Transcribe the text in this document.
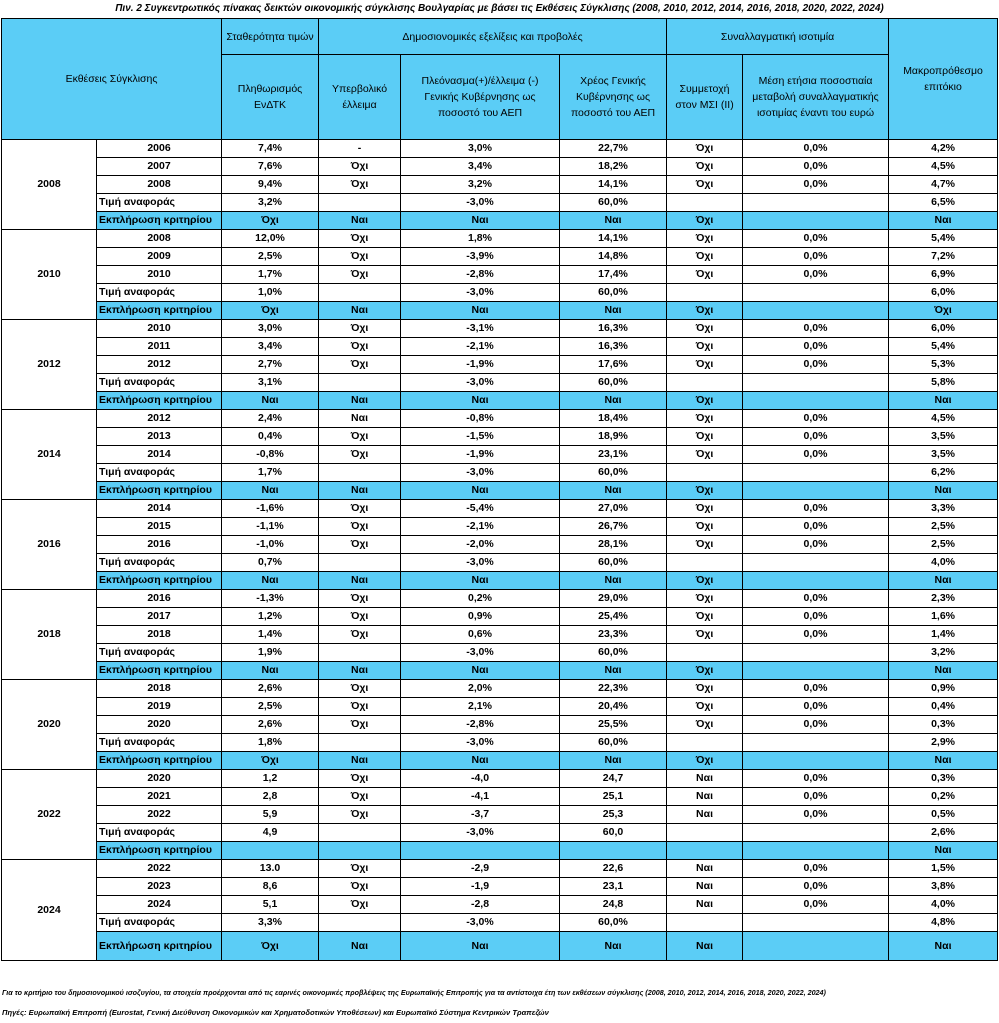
Πιν. 2 Συγκεντρωτικός πίνακας δεικτών οικονομικής σύγκλισης Βουλγαρίας με βάσει τις Εκθέσεις Σύγκλισης (2008, 2010, 2012, 2014, 2016, 2018, 2020, 2022, 2024)
Εκθέσεις Σύγκλισης		Σταθερότητα τιμών	Δημοσιονομικές εξελίξεις και προβολές			Συναλλαγματική ισοτιμία		Μακροπρόθεσμο επιτόκιο
		Πληθωρισμός ΕνΔΤΚ	Υπερβολικό έλλειμα	Πλεόνασμα(+)/έλλειμα (-) Γενικής Κυβέρνησης ως ποσοστό του ΑΕΠ	Χρέος Γενικής Κυβέρνησης ως ποσοστό του ΑΕΠ	Συμμετοχή στον ΜΣΙ (ΙΙ)	Μέση ετήσια ποσοστιαία μεταβολή συναλλαγματικής ισοτιμίας έναντι του ευρώ	
2008	2006	7,4%	-	3,0%	22,7%	Όχι	0,0%	4,2%
	2007	7,6%	Όχι	3,4%	18,2%	Όχι	0,0%	4,5%
	2008	9,4%	Όχι	3,2%	14,1%	Όχι	0,0%	4,7%
	Τιμή αναφοράς	3,2%		-3,0%	60,0%			6,5%
	Εκπλήρωση κριτηρίου	Όχι	Ναι	Ναι	Ναι	Όχι		Ναι
2010	2008	12,0%	Όχι	1,8%	14,1%	Όχι	0,0%	5,4%
	2009	2,5%	Όχι	-3,9%	14,8%	Όχι	0,0%	7,2%
	2010	1,7%	Όχι	-2,8%	17,4%	Όχι	0,0%	6,9%
	Τιμή αναφοράς	1,0%		-3,0%	60,0%			6,0%
	Εκπλήρωση κριτηρίου	Όχι	Ναι	Ναι	Ναι	Όχι		Όχι
2012	2010	3,0%	Όχι	-3,1%	16,3%	Όχι	0,0%	6,0%
	2011	3,4%	Όχι	-2,1%	16,3%	Όχι	0,0%	5,4%
	2012	2,7%	Όχι	-1,9%	17,6%	Όχι	0,0%	5,3%
	Τιμή αναφοράς	3,1%		-3,0%	60,0%			5,8%
	Εκπλήρωση κριτηρίου	Ναι	Ναι	Ναι	Ναι	Όχι		Ναι
2014	2012	2,4%	Ναι	-0,8%	18,4%	Όχι	0,0%	4,5%
	2013	0,4%	Όχι	-1,5%	18,9%	Όχι	0,0%	3,5%
	2014	-0,8%	Όχι	-1,9%	23,1%	Όχι	0,0%	3,5%
	Τιμή αναφοράς	1,7%		-3,0%	60,0%			6,2%
	Εκπλήρωση κριτηρίου	Ναι	Ναι	Ναι	Ναι	Όχι		Ναι
2016	2014	-1,6%	Όχι	-5,4%	27,0%	Όχι	0,0%	3,3%
	2015	-1,1%	Όχι	-2,1%	26,7%	Όχι	0,0%	2,5%
	2016	-1,0%	Όχι	-2,0%	28,1%	Όχι	0,0%	2,5%
	Τιμή αναφοράς	0,7%		-3,0%	60,0%			4,0%
	Εκπλήρωση κριτηρίου	Ναι	Ναι	Ναι	Ναι	Όχι		Ναι
2018	2016	-1,3%	Όχι	0,2%	29,0%	Όχι	0,0%	2,3%
	2017	1,2%	Όχι	0,9%	25,4%	Όχι	0,0%	1,6%
	2018	1,4%	Όχι	0,6%	23,3%	Όχι	0,0%	1,4%
	Τιμή αναφοράς	1,9%		-3,0%	60,0%			3,2%
	Εκπλήρωση κριτηρίου	Ναι	Ναι	Ναι	Ναι	Όχι		Ναι
2020	2018	2,6%	Όχι	2,0%	22,3%	Όχι	0,0%	0,9%
	2019	2,5%	Όχι	2,1%	20,4%	Όχι	0,0%	0,4%
	2020	2,6%	Όχι	-2,8%	25,5%	Όχι	0,0%	0,3%
	Τιμή αναφοράς	1,8%		-3,0%	60,0%			2,9%
	Εκπλήρωση κριτηρίου	Όχι	Ναι	Ναι	Ναι	Όχι		Ναι
2022	2020	1,2	Όχι	-4,0	24,7	Ναι	0,0%	0,3%
	2021	2,8	Όχι	-4,1	25,1	Ναι	0,0%	0,2%
	2022	5,9	Όχι	-3,7	25,3	Ναι	0,0%	0,5%
	Τιμή αναφοράς	4,9		-3,0%	60,0			2,6%
	Εκπλήρωση κριτηρίου							Ναι
2024	2022	13.0	Όχι	-2,9	22,6	Ναι	0,0%	1,5%
	2023	8,6	Όχι	-1,9	23,1	Ναι	0,0%	3,8%
	2024	5,1	Όχι	-2,8	24,8	Ναι	0,0%	4,0%
	Τιμή αναφοράς	3,3%		-3,0%	60,0%			4,8%
	Εκπλήρωση κριτηρίου	Όχι	Ναι	Ναι	Ναι	Ναι		Ναι
Για το κριτήριο του δημοσιονομικού ισοζυγίου, τα στοιχεία προέρχονται από τις εαρινές οικονομικές προβλέψεις της Ευρωπαϊκής Επιτροπής για τα αντίστοιχα έτη των εκθέσεων σύγκλισης (2008, 2010, 2012, 2014, 2016, 2018, 2020, 2022, 2024)
Πηγές: Ευρωπαϊκή Επιτροπή (Eurostat, Γενική Διεύθυνση Οικονομικών και Χρηματοδοτικών Υποθέσεων) και Ευρωπαϊκό Σύστημα Κεντρικών Τραπεζών
